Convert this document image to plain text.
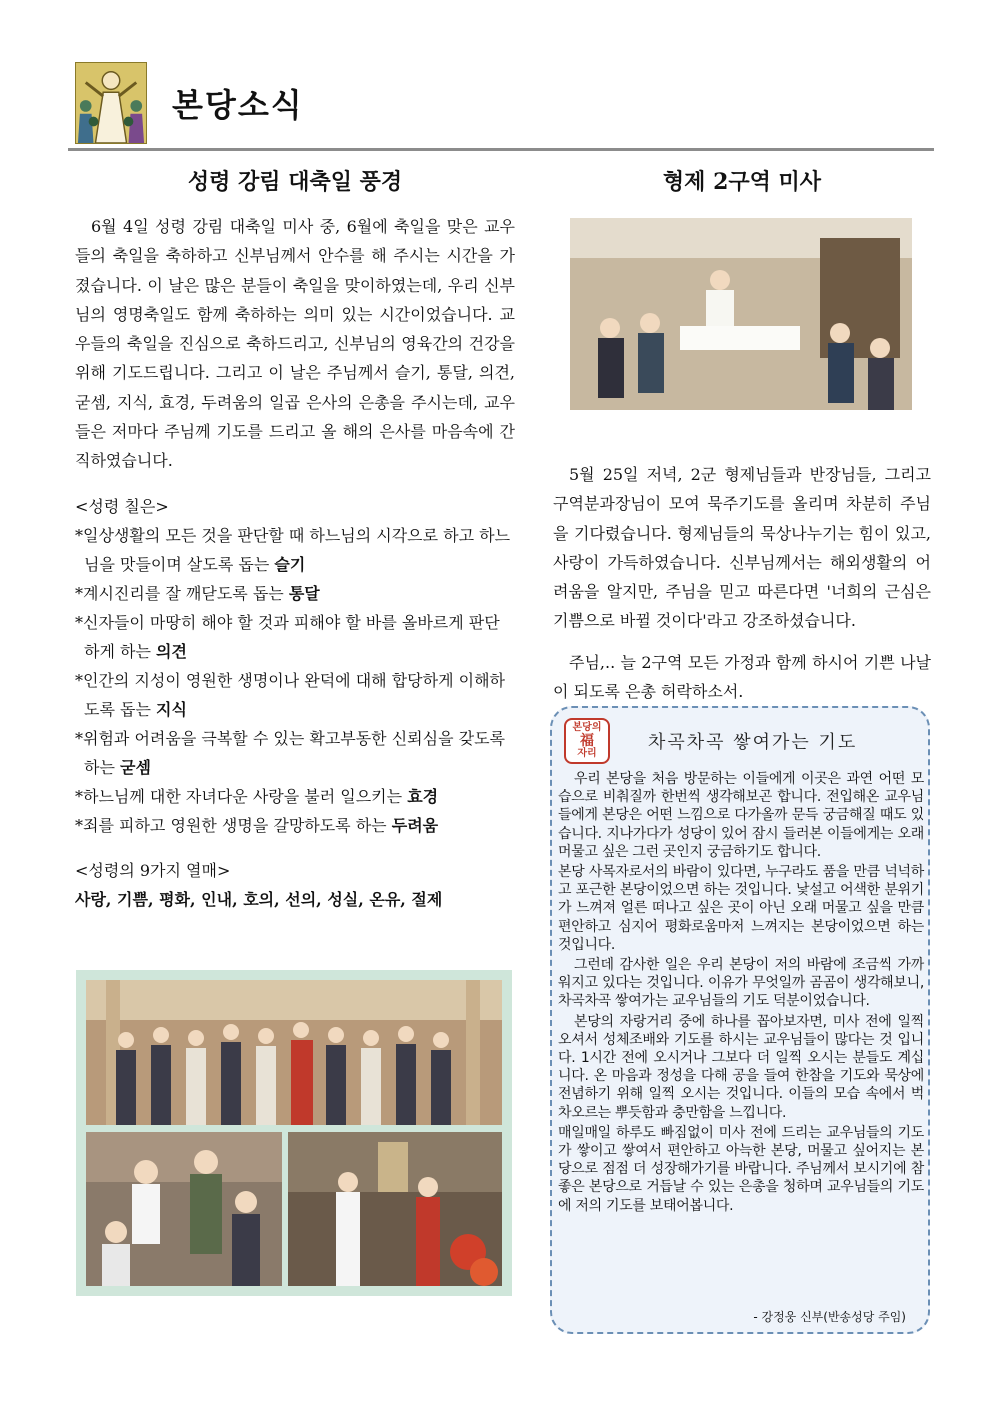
본당소식
성령 강림 대축일 풍경

6월 4일 성령 강림 대축일 미사 중, 6월에 축일을 맞은 교우들의 축일을 축하하고 신부님께서 안수를 해 주시는 시간을 가졌습니다. 이 날은 많은 분들이 축일을 맞이하였는데, 우리 신부님의 영명축일도 함께 축하하는 의미 있는 시간이었습니다. 교우들의 축일을 진심으로 축하드리고, 신부님의 영육간의 건강을 위해 기도드립니다. 그리고 이 날은 주님께서 슬기, 통달, 의견, 굳셈, 지식, 효경, 두려움의 일곱 은사의 은총을 주시는데, 교우들은 저마다 주님께 기도를 드리고 올 해의 은사를 마음속에 간직하였습니다.

<성령 칠은>
*일상생활의 모든 것을 판단할 때 하느님의 시각으로 하고 하느님을 맛들이며 살도록 돕는 슬기
*계시진리를 잘 깨닫도록 돕는 통달
*신자들이 마땅히 해야 할 것과 피해야 할 바를 올바르게 판단하게 하는 의견
*인간의 지성이 영원한 생명이나 완덕에 대해 합당하게 이해하도록 돕는 지식
*위험과 어려움을 극복할 수 있는 확고부동한 신뢰심을 갖도록 하는 굳셈
*하느님께 대한 자녀다운 사랑을 불러 일으키는 효경
*죄를 피하고 영원한 생명을 갈망하도록 하는 두려움
<성령의 9가지 열매>
사랑, 기쁨, 평화, 인내, 호의, 선의, 성실, 온유, 절제
형제 2구역 미사

5월 25일 저녁, 2군 형제님들과 반장님들, 그리고 구역분과장님이 모여 묵주기도를 올리며 차분히 주님을 기다렸습니다. 형제님들의 묵상나누기는 힘이 있고, 사랑이 가득하였습니다. 신부님께서는 해외생활의 어려움을 알지만, 주님을 믿고 따른다면 '너희의 근심은 기쁨으로 바뀔 것이다'라고 강조하셨습니다.

주님,.. 늘 2구역 모든 가정과 함께 하시어 기쁜 나날이 되도록 은총 허락하소서.

본당의
福
자리
차곡차곡 쌓여가는 기도

우리 본당을 처음 방문하는 이들에게 이곳은 과연 어떤 모습으로 비춰질까 한번씩 생각해보곤 합니다. 전입해온 교우님들에게 본당은 어떤 느낌으로 다가올까 문득 궁금해질 때도 있습니다. 지나가다가 성당이 있어 잠시 들러본 이들에게는 오래 머물고 싶은 그런 곳인지 궁금하기도 합니다.

본당 사목자로서의 바람이 있다면, 누구라도 품을 만큼 넉넉하고 포근한 본당이었으면 하는 것입니다. 낯설고 어색한 분위기가 느껴져 얼른 떠나고 싶은 곳이 아닌 오래 머물고 싶을 만큼 편안하고 심지어 평화로움마저 느껴지는 본당이었으면 하는 것입니다.

그런데 감사한 일은 우리 본당이 저의 바람에 조금씩 가까워지고 있다는 것입니다. 이유가 무엇일까 곰곰이 생각해보니, 차곡차곡 쌓여가는 교우님들의 기도 덕분이었습니다.

본당의 자랑거리 중에 하나를 꼽아보자면, 미사 전에 일찍 오셔서 성체조배와 기도를 하시는 교우님들이 많다는 것 입니다. 1시간 전에 오시거나 그보다 더 일찍 오시는 분들도 계십니다. 온 마음과 정성을 다해 공을 들여 한참을 기도와 묵상에 전념하기 위해 일찍 오시는 것입니다. 이들의 모습 속에서 벅차오르는 뿌듯함과 충만함을 느낍니다.

매일매일 하루도 빠짐없이 미사 전에 드리는 교우님들의 기도가 쌓이고 쌓여서 편안하고 아늑한 본당, 머물고 싶어지는 본당으로 점점 더 성장해가기를 바랍니다. 주님께서 보시기에 참 좋은 본당으로 거듭날 수 있는 은총을 청하며 교우님들의 기도에 저의 기도를 보태어봅니다.

- 강정웅 신부(반송성당 주임)
